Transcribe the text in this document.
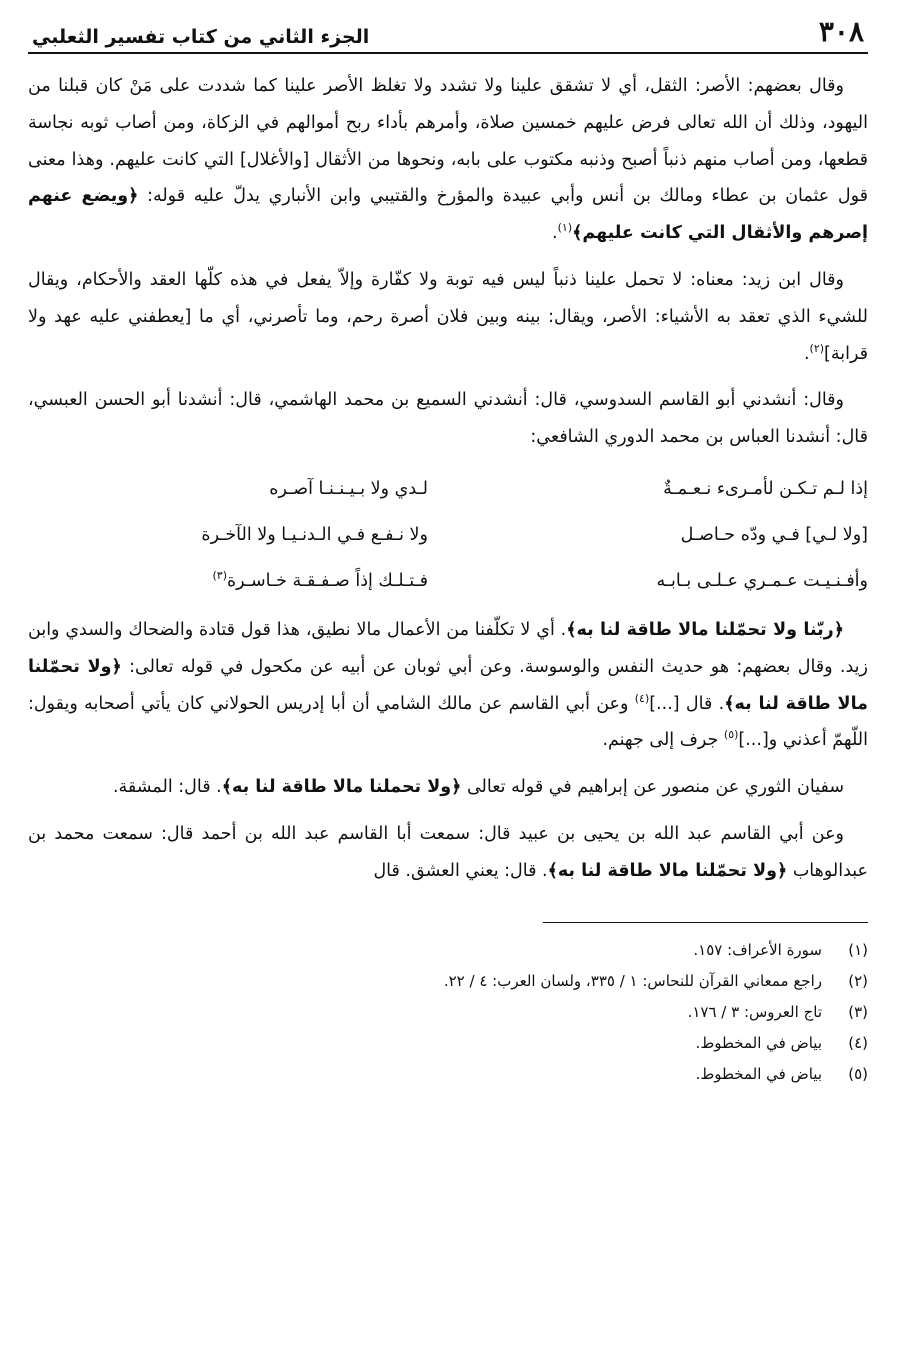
٣٠٨
الجزء الثاني من كتاب تفسير الثعلبي

وقال بعضهم: الأصر: الثقل، أي لا تشقق علينا ولا تشدد ولا تغلظ الأصر علينا كما شددت على مَنْ كان قبلنا من اليهود، وذلك أن الله تعالى فرض عليهم خمسين صلاة، وأمرهم بأداء ربح أموالهم في الزكاة، ومن أصاب ثوبه نجاسة قطعها، ومن أصاب منهم ذنباً أصبح وذنبه مكتوب على بابه، ونحوها من الأثقال [والأغلال] التي كانت عليهم. وهذا معنى قول عثمان بن عطاء ومالك بن أنس وأبي عبيدة والمؤرخ والقتيبي وابن الأنباري يدلّ عليه قوله: ﴿ويضع عنهم إصرهم والأثقال التي كانت عليهم﴾$^{(١)}$.

وقال ابن زيد: معناه: لا تحمل علينا ذنباً ليس فيه توبة ولا كفّارة وإلاّ يفعل في هذه كلّها العقد والأحكام، ويقال للشيء الذي تعقد به الأشياء: الأصر، ويقال: بينه وبين فلان أصرة رحم، وما تأصرني، أي ما [يعطفني عليه عهد ولا قرابة]$^{(٢)}$.

وقال: أنشدني أبو القاسم السدوسي، قال: أنشدني السميع بن محمد الهاشمي، قال: أنشدنا أبو الحسن العبسي، قال: أنشدنا العباس بن محمد الدوري الشافعي:

إذا لـم تـكـن لأمـرىء نـعـمـةٌ
لـدي ولا بـيـنـنـا آصـره
[ولا لـي] فـي ودّه حـاصـل
ولا نـفـع فـي الـدنـيـا ولا الآخـرة
وأفـنـيـت عـمـري عـلـى بـابـه
فـتـلـك إذاً صـفـقـة خـاسـرة$^{(٣)}$

﴿ربّنا ولا تحمّلنا مالا طاقة لنا به﴾. أي لا تكلّفنا من الأعمال مالا نطيق، هذا قول قتادة والضحاك والسدي وابن زيد. وقال بعضهم: هو حديث النفس والوسوسة. وعن أبي ثوبان عن أبيه عن مكحول في قوله تعالى: ﴿ولا تحمّلنا مالا طاقة لنا به﴾. قال [...]$^{(٤)}$ وعن أبي القاسم عن مالك الشامي أن أبا إدريس الحولاني كان يأتي أصحابه ويقول: اللّهمّ أعذني و[...]$^{(٥)}$ جرف إلى جهنم.

سفيان الثوري عن منصور عن إبراهيم في قوله تعالى ﴿ولا تحملنا مالا طاقة لنا به﴾. قال: المشقة.

وعن أبي القاسم عبد الله بن يحيى بن عبيد قال: سمعت أبا القاسم عبد الله بن أحمد قال: سمعت محمد بن عبدالوهاب ﴿ولا تحمّلنا مالا طاقة لنا به﴾. قال: يعني العشق. قال

(١)
سورة الأعراف: ١٥٧.
(٢)
راجع ممعاني القرآن للنحاس: ١ / ٣٣٥، ولسان العرب: ٤ / ٢٢.
(٣)
تاج العروس: ٣ / ١٧٦.
(٤)
بياض في المخطوط.
(٥)
بياض في المخطوط.
